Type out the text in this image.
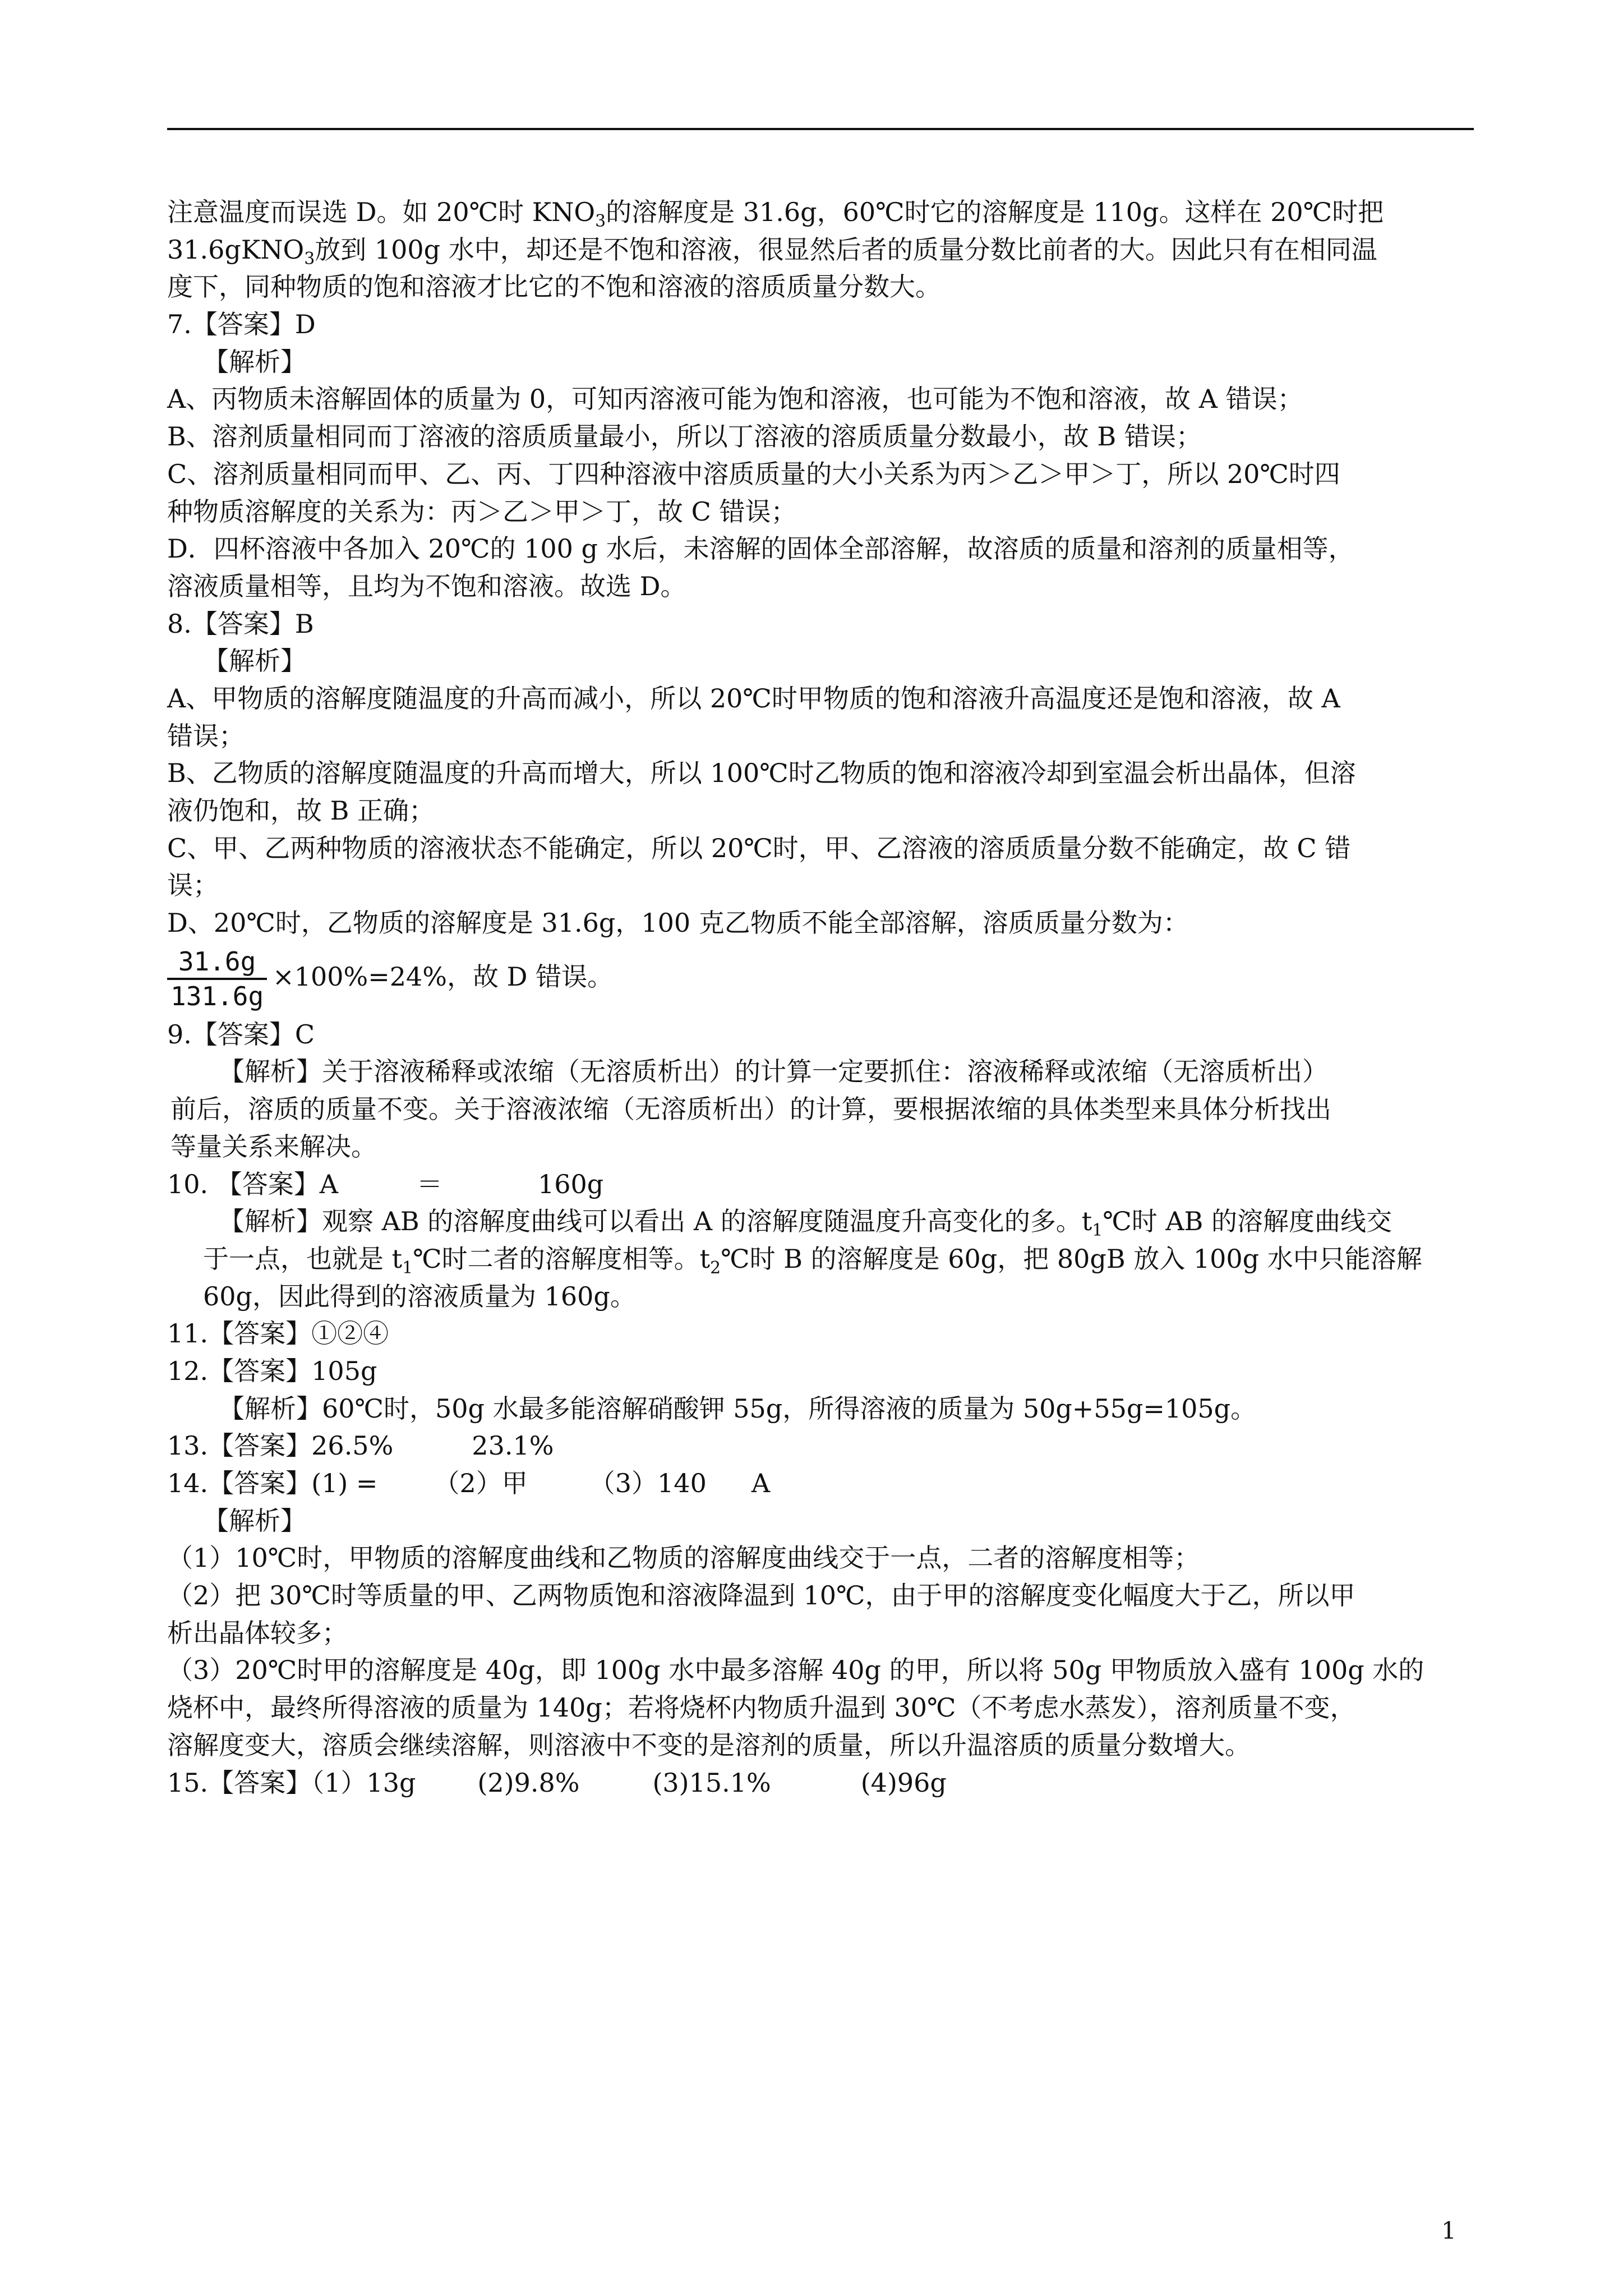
注意温度而误选 D。如 20℃时 $KNO_3$的溶解度是 31.6g，60℃时它的溶解度是 110g。这样在 20℃时把

31.6gKNO$_3$放到 100g 水中，却还是不饱和溶液，很显然后者的质量分数比前者的大。因此只有在相同温

度下，同种物质的饱和溶液才比它的不饱和溶液的溶质质量分数大。

7.【答案】D

【解析】

A、丙物质未溶解固体的质量为 0，可知丙溶液可能为饱和溶液，也可能为不饱和溶液，故 A 错误；

B、溶剂质量相同而丁溶液的溶质质量最小，所以丁溶液的溶质质量分数最小，故 B 错误；

C、溶剂质量相同而甲、乙、丙、丁四种溶液中溶质质量的大小关系为丙＞乙＞甲＞丁，所以 20℃时四

种物质溶解度的关系为：丙＞乙＞甲＞丁，故 C 错误；

D．四杯溶液中各加入 20℃的 100 g 水后，未溶解的固体全部溶解，故溶质的质量和溶剂的质量相等，

溶液质量相等，且均为不饱和溶液。故选 D。

8.【答案】B

【解析】

A、甲物质的溶解度随温度的升高而减小，所以 20℃时甲物质的饱和溶液升高温度还是饱和溶液，故 A

错误；

B、乙物质的溶解度随温度的升高而增大，所以 100℃时乙物质的饱和溶液冷却到室温会析出晶体，但溶

液仍饱和，故 B 正确；

C、甲、乙两种物质的溶液状态不能确定，所以 20℃时，甲、乙溶液的溶质质量分数不能确定，故 C 错

误；

D、20℃时，乙物质的溶解度是 31.6g，100 克乙物质不能全部溶解，溶质质量分数为：

$\frac{31.6g}{131.6g} \times 100\%=24\%$，故 D 错误。

9.【答案】C

【解析】关于溶液稀释或浓缩（无溶质析出）的计算一定要抓住：溶液稀释或浓缩（无溶质析出）

前后，溶质的质量不变。关于溶液浓缩（无溶质析出）的计算，要根据浓缩的具体类型来具体分析找出

等量关系来解决。

10. 【答案】A	＝	160g

【解析】观察 AB 的溶解度曲线可以看出 A 的溶解度随温度升高变化的多。$t_1℃$时 AB 的溶解度曲线交

于一点，也就是 $t_1℃$时二者的溶解度相等。$t_2℃$时 B 的溶解度是 60g，把 80gB 放入 100g 水中只能溶解

60g，因此得到的溶液质量为 160g。

11.【答案】①②④

12.【答案】105g

【解析】60℃时，50g 水最多能溶解硝酸钾 55g，所得溶液的质量为 50g+55g=105g。

13.【答案】26.5%	23.1%

14.【答案】(1) = （2）甲 （3）140 A

【解析】

（1）10℃时，甲物质的溶解度曲线和乙物质的溶解度曲线交于一点，二者的溶解度相等；

（2）把 30℃时等质量的甲、乙两物质饱和溶液降温到 10℃，由于甲的溶解度变化幅度大于乙，所以甲

析出晶体较多；

（3）20℃时甲的溶解度是 40g，即 100g 水中最多溶解 40g 的甲，所以将 50g 甲物质放入盛有 100g 水的

烧杯中，最终所得溶液的质量为 140g；若将烧杯内物质升温到 30℃（不考虑水蒸发），溶剂质量不变，

溶解度变大，溶质会继续溶解，则溶液中不变的是溶剂的质量，所以升温溶质的质量分数增大。

15.【答案】（1）13g (2)9.8%	(3)15.1%	(4)96g

1
